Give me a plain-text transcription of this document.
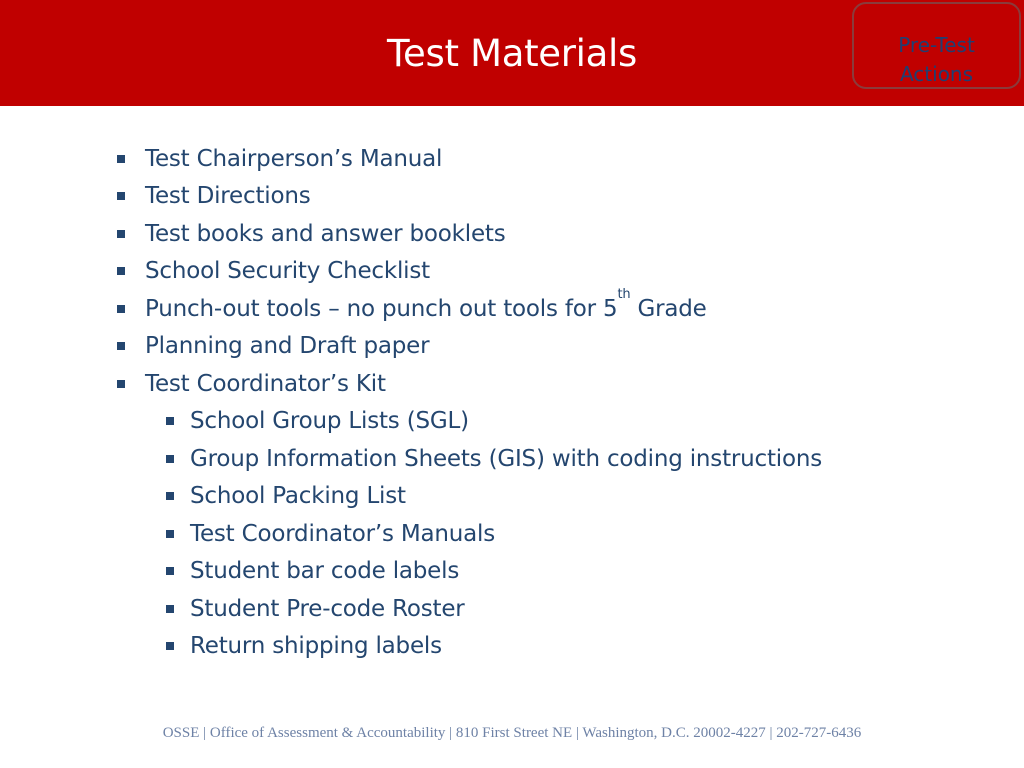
Test Materials	Pre-Test
Actions
Test Chairperson’s Manual
Test Directions
Test books and answer booklets
School Security Checklist
Punch-out tools – no punch out tools for 5th Grade
Planning and Draft paper
Test Coordinator’s Kit
School Group Lists (SGL)
Group Information Sheets (GIS) with coding instructions
School Packing List
Test Coordinator’s Manuals
Student bar code labels
Student Pre-code Roster
Return shipping labels
OSSE | Office of Assessment & Accountability | 810 First Street NE | Washington, D.C. 20002-4227 | 202-727-6436
